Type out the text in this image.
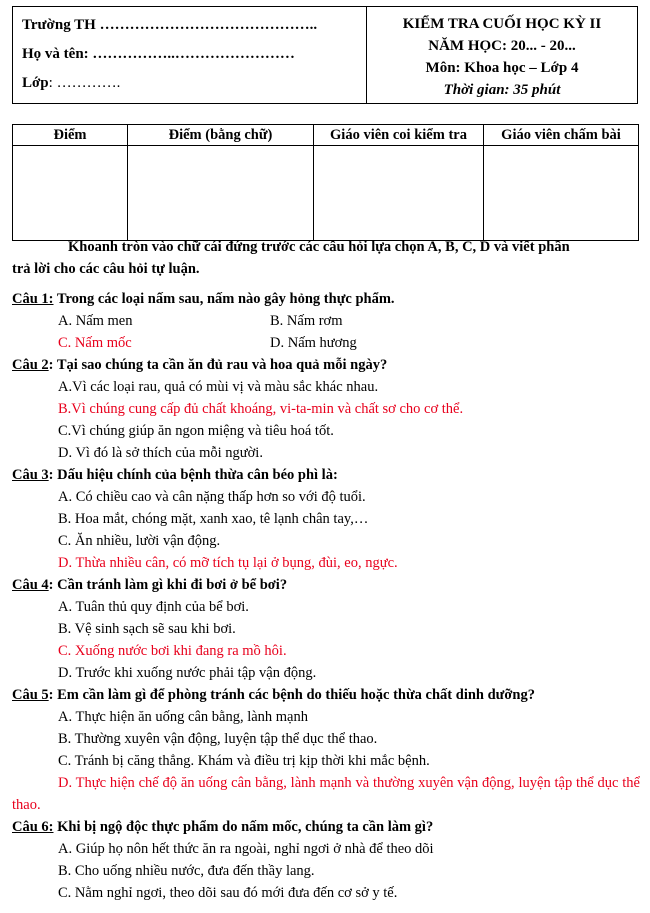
Trường TH ……………………………………..
Họ và tên: ……………..……………………
Lớp: ………….
KIỂM TRA CUỐI HỌC KỲ II
NĂM HỌC: 20... - 20...
Môn: Khoa học – Lớp 4
Thời gian: 35 phút
Điểm	Điểm (bằng chữ)	Giáo viên coi kiểm tra	Giáo viên chấm bài

Khoanh tròn vào chữ cái đứng trước các câu hỏi lựa chọn A, B, C, D và viết phần

trả lời cho các câu hỏi tự luận.

Câu 1: Trong các loại nấm sau, nấm nào gây hỏng thực phẩm.

A. Nấm men	B. Nấm rơm
C. Nấm mốc	D. Nấm hương

Câu 2: Tại sao chúng ta cần ăn đủ rau và hoa quả mỗi ngày?

A.Vì các loại rau, quả có mùi vị và màu sắc khác nhau.

B.Vì chúng cung cấp đủ chất khoáng, vi-ta-min và chất sơ cho cơ thể.

C.Vì chúng giúp ăn ngon miệng và tiêu hoá tốt.

D. Vì đó là sở thích của mỗi người.

Câu 3: Dấu hiệu chính của bệnh thừa cân béo phì là:

A. Có chiều cao và cân nặng thấp hơn so với độ tuổi.

B. Hoa mắt, chóng mặt, xanh xao, tê lạnh chân tay,…

C. Ăn nhiều, lười vận động.

D. Thừa nhiều cân, có mỡ tích tụ lại ở bụng, đùi, eo, ngực.

Câu 4: Cần tránh làm gì khi đi bơi ở bể bơi?

A. Tuân thủ quy định của bể bơi.

B. Vệ sinh sạch sẽ sau khi bơi.

C. Xuống nước bơi khi đang ra mồ hôi.

D. Trước khi xuống nước phải tập vận động.

Câu 5: Em cần làm gì để phòng tránh các bệnh do thiếu hoặc thừa chất dinh dưỡng?

A. Thực hiện ăn uống cân bằng, lành mạnh

B. Thường xuyên vận động, luyện tập thể dục thể thao.

C. Tránh bị căng thẳng. Khám và điều trị kịp thời khi mắc bệnh.

D. Thực hiện chế độ ăn uống cân bằng, lành mạnh và thường xuyên vận động, luyện tập thể dục thể thao.

Câu 6: Khi bị ngộ độc thực phẩm do nấm mốc, chúng ta cần làm gì?

A. Giúp họ nôn hết thức ăn ra ngoài, nghỉ ngơi ở nhà để theo dõi

B. Cho uống nhiều nước, đưa đến thầy lang.

C. Nằm nghỉ ngơi, theo dõi sau đó mới đưa đến cơ sở y tế.
